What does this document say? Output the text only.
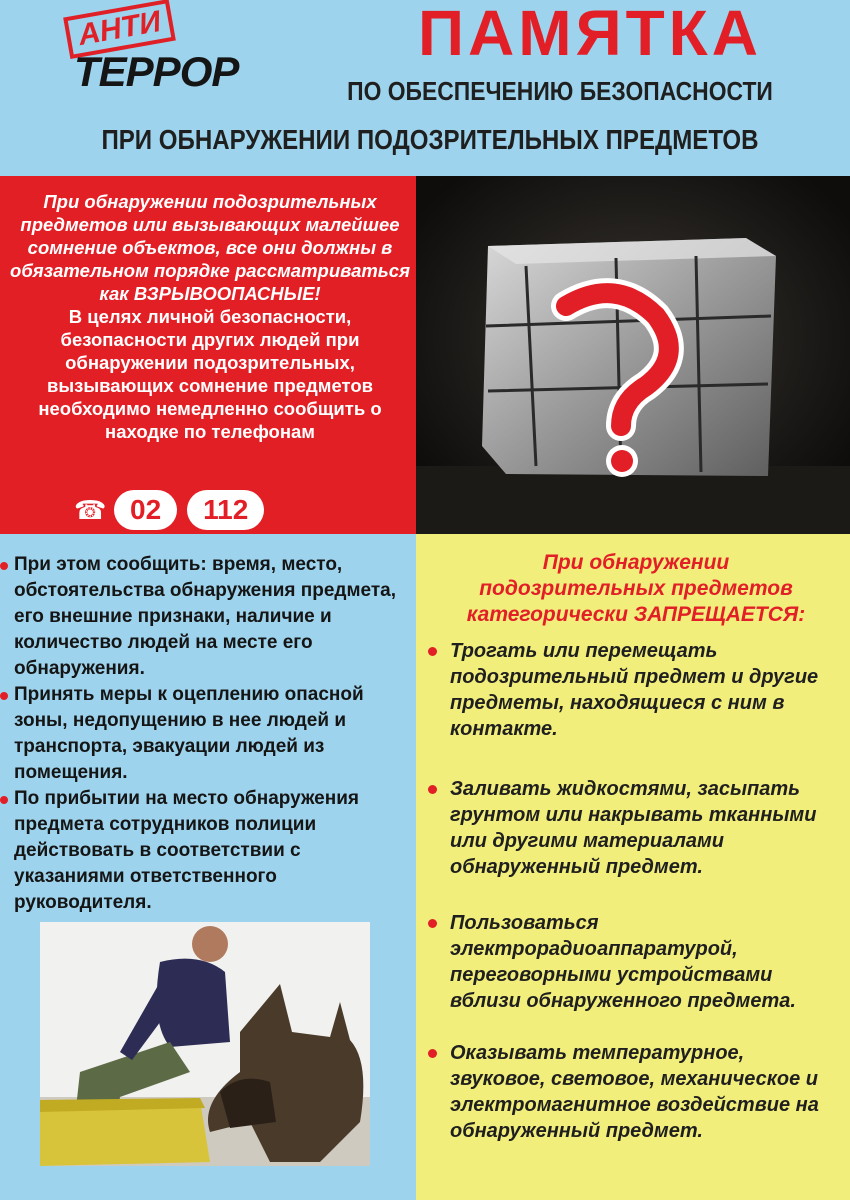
АНТИ
ТЕРРОР
ПАМЯТКА
ПО ОБЕСПЕЧЕНИЮ БЕЗОПАСНОСТИ
ПРИ ОБНАРУЖЕНИИ ПОДОЗРИТЕЛЬНЫХ ПРЕДМЕТОВ
При обнаружении подозрительных предметов или вызывающих малейшее сомнение объектов, все они должны в обязательном порядке рассматриваться как ВЗРЫВООПАСНЫЕ!
В целях личной безопасности, безопасности других людей при обнаружении подозрительных, вызывающих сомнение предметов необходимо немедленно сообщить о находке по телефонам
☎ 02	112
При этом сообщить: время, место, обстоятельства обнаружения предмета, его внешние признаки, наличие и количество людей на месте его обнаружения.
Принять меры к оцеплению опасной зоны, недопущению в нее людей и транспорта, эвакуации людей из помещения.
По прибытии на место обнаружения предмета сотрудников полиции действовать в соответствии с указаниями ответственного руководителя.
При обнаружении
подозрительных предметов
категорически ЗАПРЕЩАЕТСЯ:
Трогать или перемещать подозрительный предмет и другие предметы, находящиеся с ним в контакте.
Заливать жидкостями, засыпать грунтом или накрывать тканными или другими материалами обнаруженный предмет.
Пользоваться электрорадиоаппаратурой, переговорными устройствами вблизи обнаруженного предмета.
Оказывать температурное, звуковое, световое, механическое и электромагнитное воздействие на обнаруженный предмет.
